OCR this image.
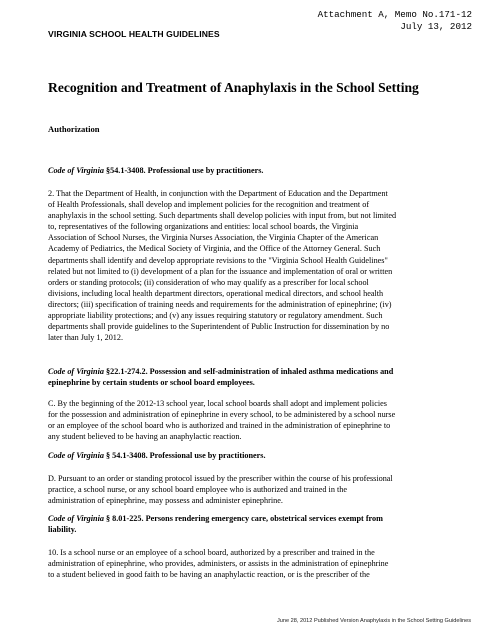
Attachment A, Memo No.171-12
July 13, 2012
VIRGINIA SCHOOL HEALTH GUIDELINES
Recognition and Treatment of Anaphylaxis in the School Setting
Authorization
Code of Virginia §54.1-3408. Professional use by practitioners.
2. That the Department of Health, in conjunction with the Department of Education and the Department
of Health Professionals, shall develop and implement policies for the recognition and treatment of
anaphylaxis in the school setting. Such departments shall develop policies with input from, but not limited
to, representatives of the following organizations and entities: local school boards, the Virginia
Association of School Nurses, the Virginia Nurses Association, the Virginia Chapter of the American
Academy of Pediatrics, the Medical Society of Virginia, and the Office of the Attorney General. Such
departments shall identify and develop appropriate revisions to the "Virginia School Health Guidelines"
related but not limited to (i) development of a plan for the issuance and implementation of oral or written
orders or standing protocols; (ii) consideration of who may qualify as a prescriber for local school
divisions, including local health department directors, operational medical directors, and school health
directors; (iii) specification of training needs and requirements for the administration of epinephrine; (iv)
appropriate liability protections; and (v) any issues requiring statutory or regulatory amendment. Such
departments shall provide guidelines to the Superintendent of Public Instruction for dissemination by no
later than July 1, 2012.
Code of Virginia §22.1-274.2. Possession and self-administration of inhaled asthma medications and
epinephrine by certain students or school board employees.
C. By the beginning of the 2012-13 school year, local school boards shall adopt and implement policies
for the possession and administration of epinephrine in every school, to be administered by a school nurse
or an employee of the school board who is authorized and trained in the administration of epinephrine to
any student believed to be having an anaphylactic reaction.
Code of Virginia § 54.1-3408. Professional use by practitioners.
D. Pursuant to an order or standing protocol issued by the prescriber within the course of his professional
practice, a school nurse, or any school board employee who is authorized and trained in the
administration of epinephrine, may possess and administer epinephrine.
Code of Virginia § 8.01-225. Persons rendering emergency care, obstetrical services exempt from
liability.
10. Is a school nurse or an employee of a school board, authorized by a prescriber and trained in the
administration of epinephrine, who provides, administers, or assists in the administration of epinephrine
to a student believed in good faith to be having an anaphylactic reaction, or is the prescriber of the
June 28, 2012 Published Version Anaphylaxis in the School Setting Guidelines
